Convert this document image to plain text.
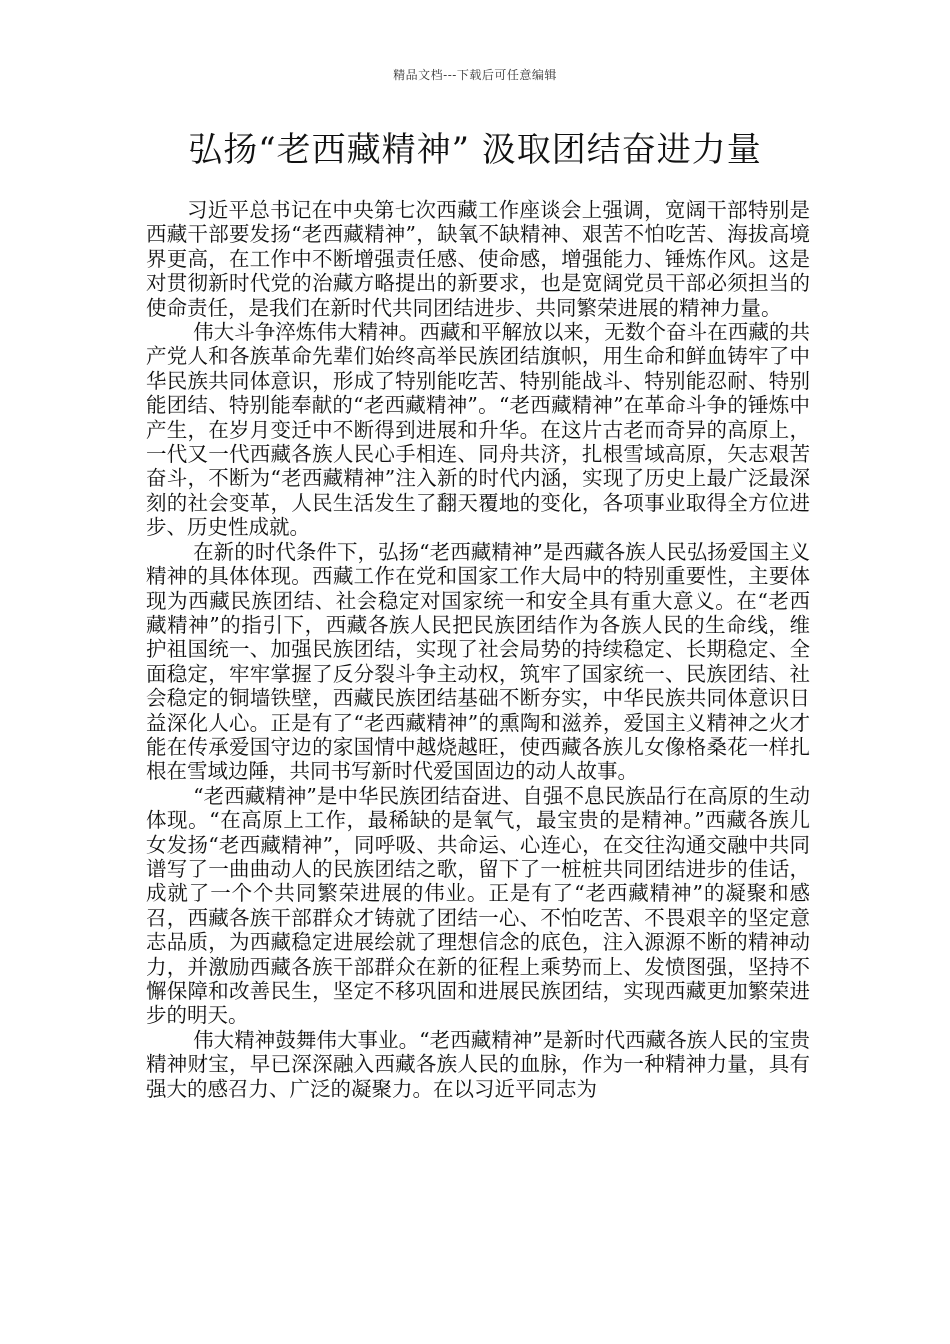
精品文档---下载后可任意编辑
弘扬“老西藏精神” 汲取团结奋进力量

习近平总书记在中央第七次西藏工作座谈会上强调，宽阔干部特别是西藏干部要发扬“老西藏精神”，缺氧不缺精神、艰苦不怕吃苦、海拔高境界更高，在工作中不断增强责任感、使命感，增强能力、锤炼作风。这是对贯彻新时代党的治藏方略提出的新要求，也是宽阔党员干部必须担当的使命责任，是我们在新时代共同团结进步、共同繁荣进展的精神力量。

伟大斗争淬炼伟大精神。西藏和平解放以来，无数个奋斗在西藏的共产党人和各族革命先辈们始终高举民族团结旗帜，用生命和鲜血铸牢了中华民族共同体意识，形成了特别能吃苦、特别能战斗、特别能忍耐、特别能团结、特别能奉献的“老西藏精神”。“老西藏精神”在革命斗争的锤炼中产生，在岁月变迁中不断得到进展和升华。在这片古老而奇异的高原上，一代又一代西藏各族人民心手相连、同舟共济，扎根雪域高原，矢志艰苦奋斗，不断为“老西藏精神”注入新的时代内涵，实现了历史上最广泛最深刻的社会变革，人民生活发生了翻天覆地的变化，各项事业取得全方位进步、历史性成就。

在新的时代条件下，弘扬“老西藏精神”是西藏各族人民弘扬爱国主义精神的具体体现。西藏工作在党和国家工作大局中的特别重要性，主要体现为西藏民族团结、社会稳定对国家统一和安全具有重大意义。在“老西藏精神”的指引下，西藏各族人民把民族团结作为各族人民的生命线，维护祖国统一、加强民族团结，实现了社会局势的持续稳定、长期稳定、全面稳定，牢牢掌握了反分裂斗争主动权，筑牢了国家统一、民族团结、社会稳定的铜墙铁壁，西藏民族团结基础不断夯实，中华民族共同体意识日益深化人心。正是有了“老西藏精神”的熏陶和滋养，爱国主义精神之火才能在传承爱国守边的家国情中越烧越旺，使西藏各族儿女像格桑花一样扎根在雪域边陲，共同书写新时代爱国固边的动人故事。

“老西藏精神”是中华民族团结奋进、自强不息民族品行在高原的生动体现。“在高原上工作，最稀缺的是氧气，最宝贵的是精神。”西藏各族儿女发扬“老西藏精神”，同呼吸、共命运、心连心，在交往沟通交融中共同谱写了一曲曲动人的民族团结之歌，留下了一桩桩共同团结进步的佳话，成就了一个个共同繁荣进展的伟业。正是有了“老西藏精神”的凝聚和感召，西藏各族干部群众才铸就了团结一心、不怕吃苦、不畏艰辛的坚定意志品质，为西藏稳定进展绘就了理想信念的底色，注入源源不断的精神动力，并激励西藏各族干部群众在新的征程上乘势而上、发愤图强，坚持不懈保障和改善民生，坚定不移巩固和进展民族团结，实现西藏更加繁荣进步的明天。

伟大精神鼓舞伟大事业。“老西藏精神”是新时代西藏各族人民的宝贵精神财宝，早已深深融入西藏各族人民的血脉，作为一种精神力量，具有强大的感召力、广泛的凝聚力。在以习近平同志为
